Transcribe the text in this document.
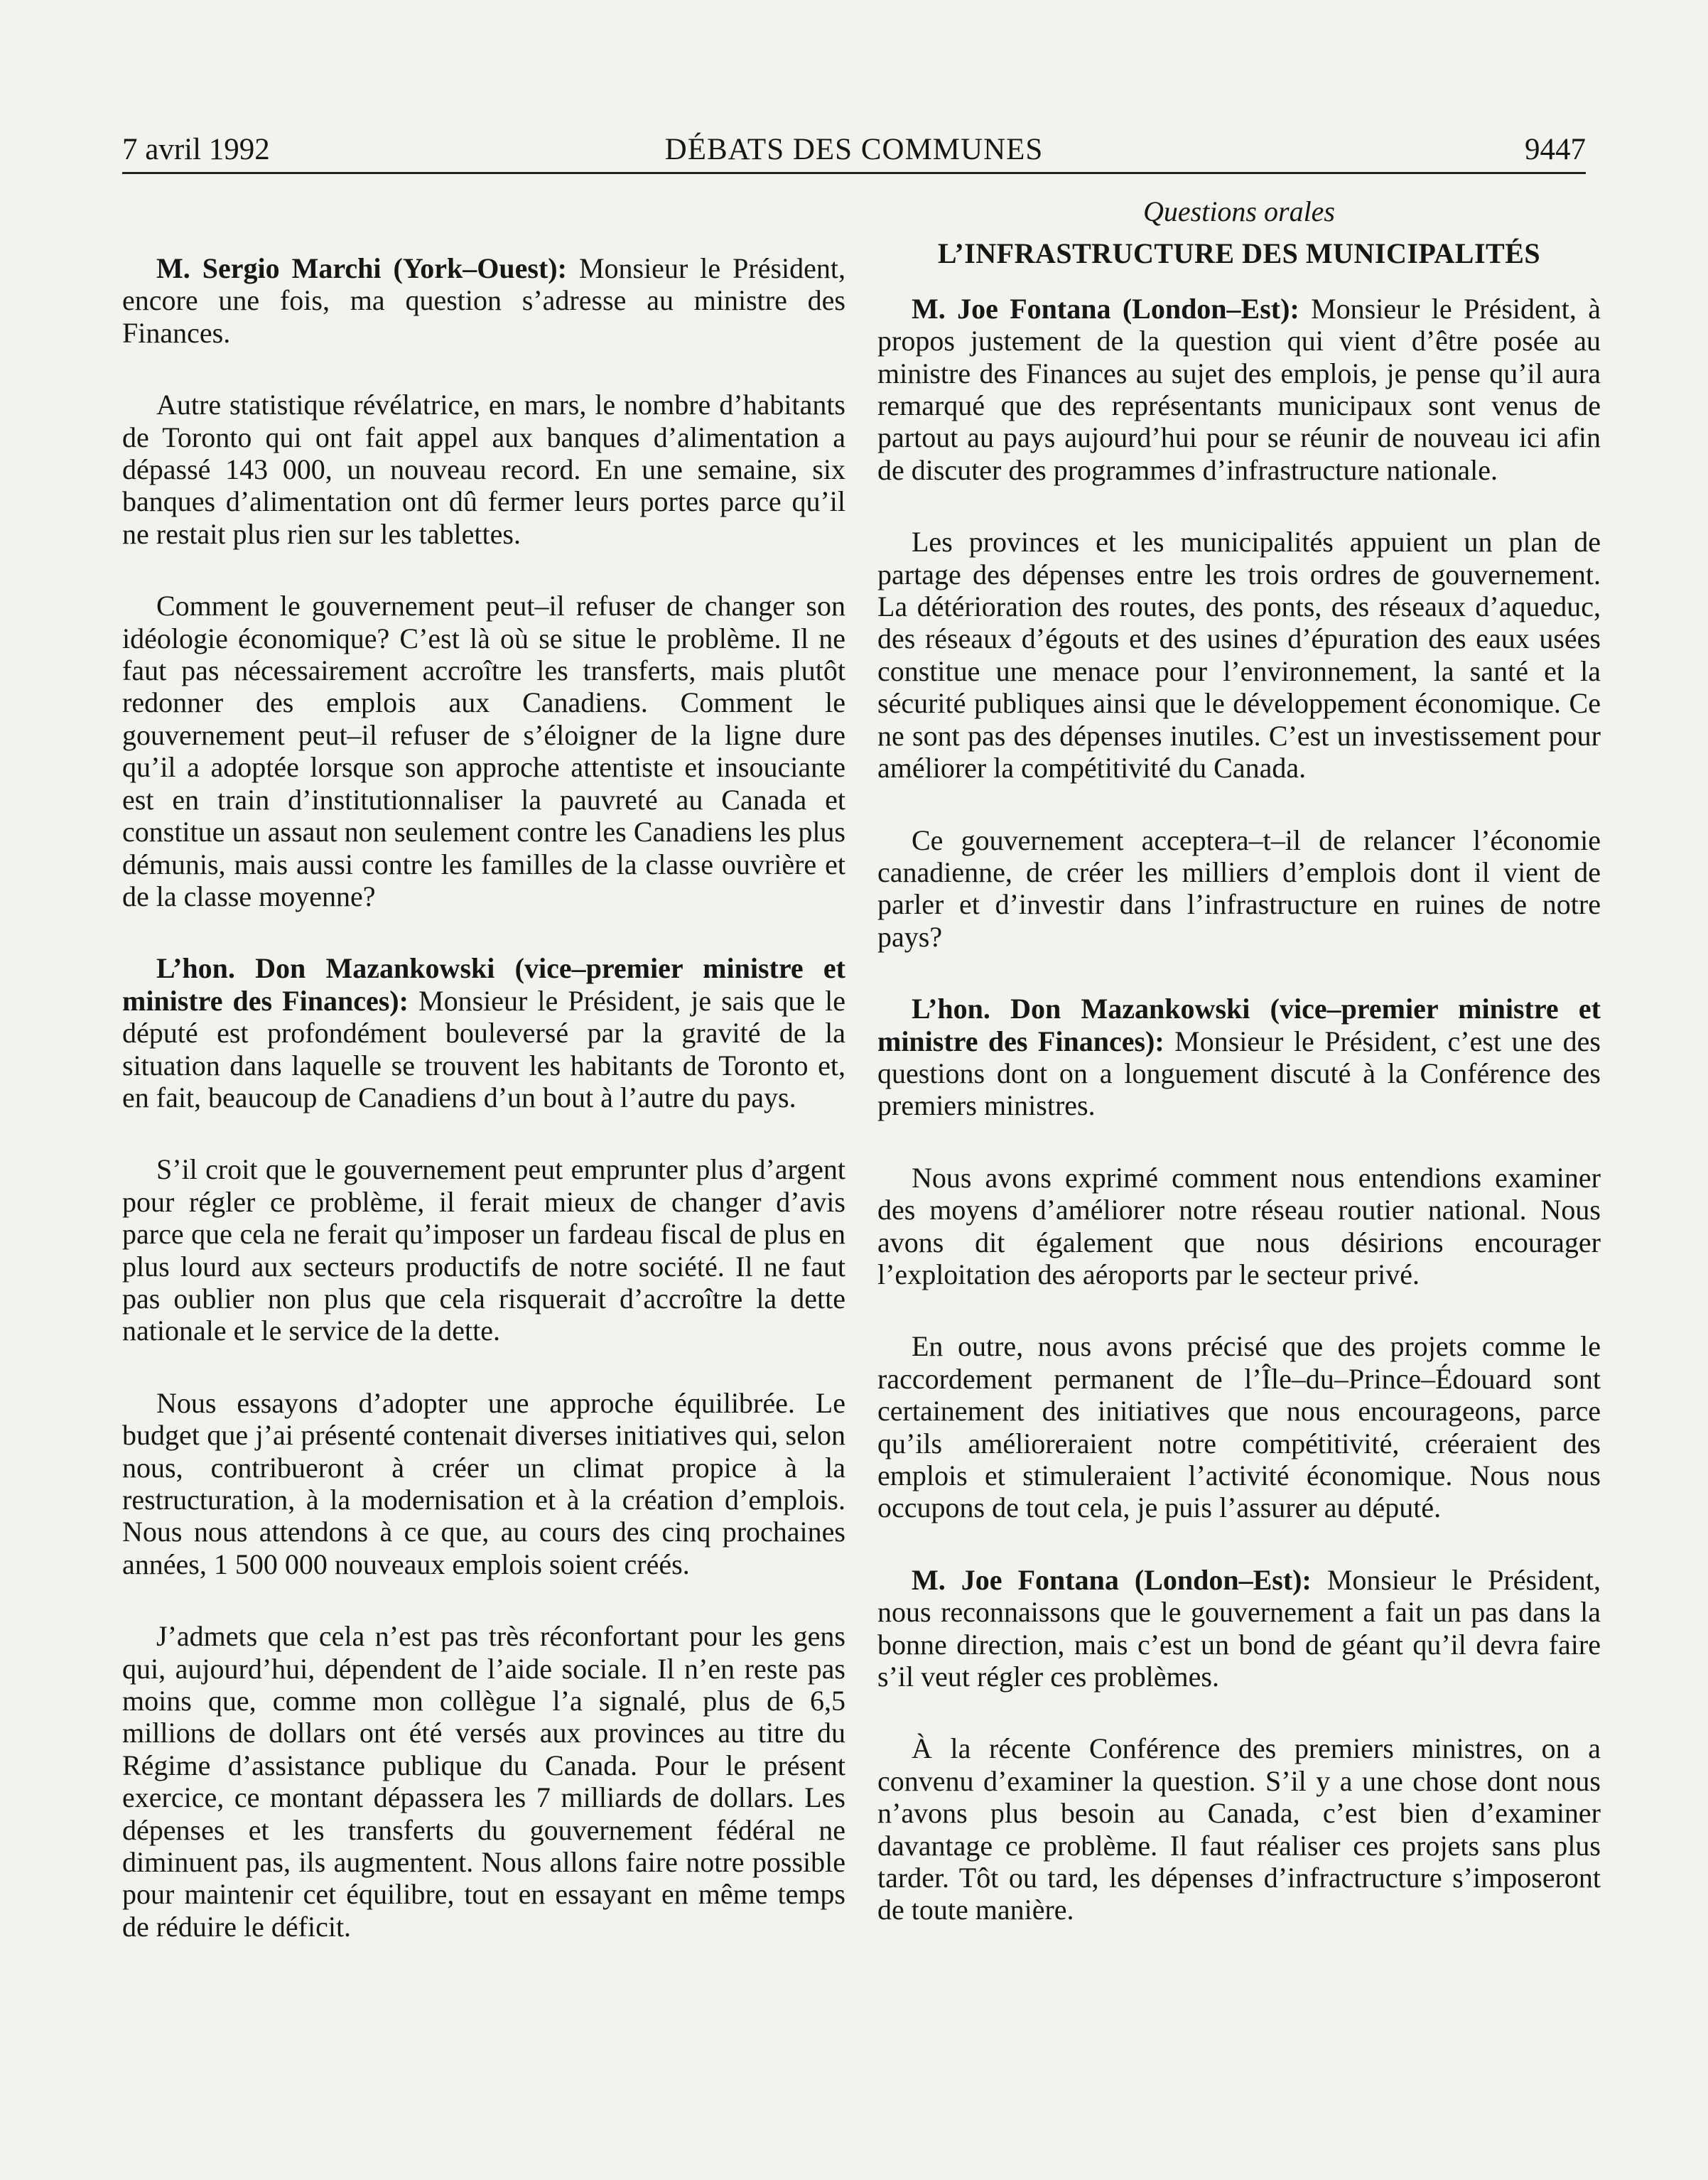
7 avril 1992	DÉBATS DES COMMUNES	9447

M. Sergio Marchi (York–Ouest): Monsieur le Président, encore une fois, ma question s’adresse au ministre des Finances.

Autre statistique révélatrice, en mars, le nombre d’habitants de Toronto qui ont fait appel aux banques d’alimentation a dépassé 143 000, un nouveau record. En une semaine, six banques d’alimentation ont dû fermer leurs portes parce qu’il ne restait plus rien sur les tablettes.

Comment le gouvernement peut–il refuser de changer son idéologie économique? C’est là où se situe le problème. Il ne faut pas nécessairement accroître les transferts, mais plutôt redonner des emplois aux Canadiens. Comment le gouvernement peut–il refuser de s’éloigner de la ligne dure qu’il a adoptée lorsque son approche attentiste et insouciante est en train d’institutionnaliser la pauvreté au Canada et constitue un assaut non seulement contre les Canadiens les plus démunis, mais aussi contre les familles de la classe ouvrière et de la classe moyenne?

L’hon. Don Mazankowski (vice–premier ministre et ministre des Finances): Monsieur le Président, je sais que le député est profondément bouleversé par la gravité de la situation dans laquelle se trouvent les habitants de Toronto et, en fait, beaucoup de Canadiens d’un bout à l’autre du pays.

S’il croit que le gouvernement peut emprunter plus d’argent pour régler ce problème, il ferait mieux de changer d’avis parce que cela ne ferait qu’imposer un fardeau fiscal de plus en plus lourd aux secteurs productifs de notre société. Il ne faut pas oublier non plus que cela risquerait d’accroître la dette nationale et le service de la dette.

Nous essayons d’adopter une approche équilibrée. Le budget que j’ai présenté contenait diverses initiatives qui, selon nous, contribueront à créer un climat propice à la restructuration, à la modernisation et à la création d’emplois. Nous nous attendons à ce que, au cours des cinq prochaines années, 1 500 000 nouveaux emplois soient créés.

J’admets que cela n’est pas très réconfortant pour les gens qui, aujourd’hui, dépendent de l’aide sociale. Il n’en reste pas moins que, comme mon collègue l’a signalé, plus de 6,5 millions de dollars ont été versés aux provinces au titre du Régime d’assistance publique du Canada. Pour le présent exercice, ce montant dépassera les 7 milliards de dollars. Les dépenses et les transferts du gouvernement fédéral ne diminuent pas, ils augmentent. Nous allons faire notre possible pour maintenir cet équilibre, tout en essayant en même temps de réduire le déficit.

Questions orales

L’INFRASTRUCTURE DES MUNICIPALITÉS

M. Joe Fontana (London–Est): Monsieur le Président, à propos justement de la question qui vient d’être posée au ministre des Finances au sujet des emplois, je pense qu’il aura remarqué que des représentants municipaux sont venus de partout au pays aujourd’hui pour se réunir de nouveau ici afin de discuter des programmes d’infrastructure nationale.

Les provinces et les municipalités appuient un plan de partage des dépenses entre les trois ordres de gouvernement. La détérioration des routes, des ponts, des réseaux d’aqueduc, des réseaux d’égouts et des usines d’épuration des eaux usées constitue une menace pour l’environnement, la santé et la sécurité publiques ainsi que le développement économique. Ce ne sont pas des dépenses inutiles. C’est un investissement pour améliorer la compétitivité du Canada.

Ce gouvernement acceptera–t–il de relancer l’économie canadienne, de créer les milliers d’emplois dont il vient de parler et d’investir dans l’infrastructure en ruines de notre pays?

L’hon. Don Mazankowski (vice–premier ministre et ministre des Finances): Monsieur le Président, c’est une des questions dont on a longuement discuté à la Conférence des premiers ministres.

Nous avons exprimé comment nous entendions examiner des moyens d’améliorer notre réseau routier national. Nous avons dit également que nous désirions encourager l’exploitation des aéroports par le secteur privé.

En outre, nous avons précisé que des projets comme le raccordement permanent de l’Île–du–Prince–Édouard sont certainement des initiatives que nous encourageons, parce qu’ils amélioreraient notre compétitivité, créeraient des emplois et stimuleraient l’activité économique. Nous nous occupons de tout cela, je puis l’assurer au député.

M. Joe Fontana (London–Est): Monsieur le Président, nous reconnaissons que le gouvernement a fait un pas dans la bonne direction, mais c’est un bond de géant qu’il devra faire s’il veut régler ces problèmes.

À la récente Conférence des premiers ministres, on a convenu d’examiner la question. S’il y a une chose dont nous n’avons plus besoin au Canada, c’est bien d’examiner davantage ce problème. Il faut réaliser ces projets sans plus tarder. Tôt ou tard, les dépenses d’infractructure s’imposeront de toute manière.
